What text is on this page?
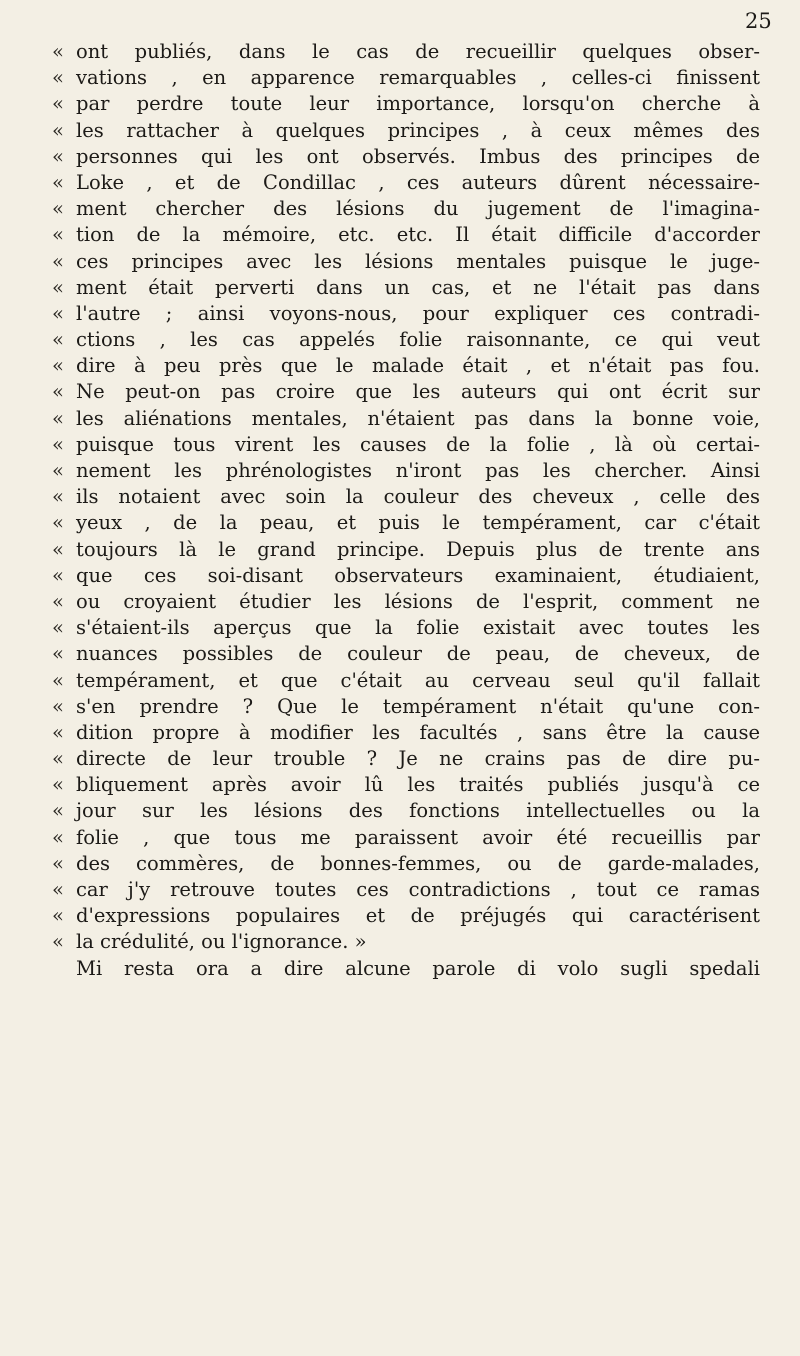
25
« ont publiés, dans le cas de recueillir quelques obser-
« vations , en apparence remarquables , celles-ci finissent
« par perdre toute leur importance, lorsqu'on cherche à
« les rattacher à quelques principes , à ceux mêmes des
« personnes qui les ont observés. Imbus des principes de
« Loke , et de Condillac , ces auteurs dûrent nécessaire-
« ment chercher des lésions du jugement de l'imagina-
« tion de la mémoire, etc. etc. Il était difficile d'accorder
« ces principes avec les lésions mentales puisque le juge-
« ment était perverti dans un cas, et ne l'était pas dans
« l'autre ; ainsi voyons-nous, pour expliquer ces contradi-
« ctions , les cas appelés folie raisonnante, ce qui veut
« dire à peu près que le malade était , et n'était pas fou.
« Ne peut-on pas croire que les auteurs qui ont écrit sur
« les aliénations mentales, n'étaient pas dans la bonne voie,
« puisque tous virent les causes de la folie , là où certai-
« nement les phrénologistes n'iront pas les chercher. Ainsi
« ils notaient avec soin la couleur des cheveux , celle des
« yeux , de la peau, et puis le tempérament, car c'était
« toujours là le grand principe. Depuis plus de trente ans
« que ces soi-disant observateurs examinaient, étudiaient,
« ou croyaient étudier les lésions de l'esprit, comment ne
« s'étaient-ils aperçus que la folie existait avec toutes les
« nuances possibles de couleur de peau, de cheveux, de
« tempérament, et que c'était au cerveau seul qu'il fallait
« s'en prendre ? Que le tempérament n'était qu'une con-
« dition propre à modifier les facultés , sans être la cause
« directe de leur trouble ? Je ne crains pas de dire pu-
« bliquement après avoir lû les traités publiés jusqu'à ce
« jour sur les lésions des fonctions intellectuelles ou la
« folie , que tous me paraissent avoir été recueillis par
« des commères, de bonnes-femmes, ou de garde-malades,
« car j'y retrouve toutes ces contradictions , tout ce ramas
« d'expressions populaires et de préjugés qui caractérisent
« la crédulité, ou l'ignorance. »
Mi resta ora a dire alcune parole di volo sugli spedali
